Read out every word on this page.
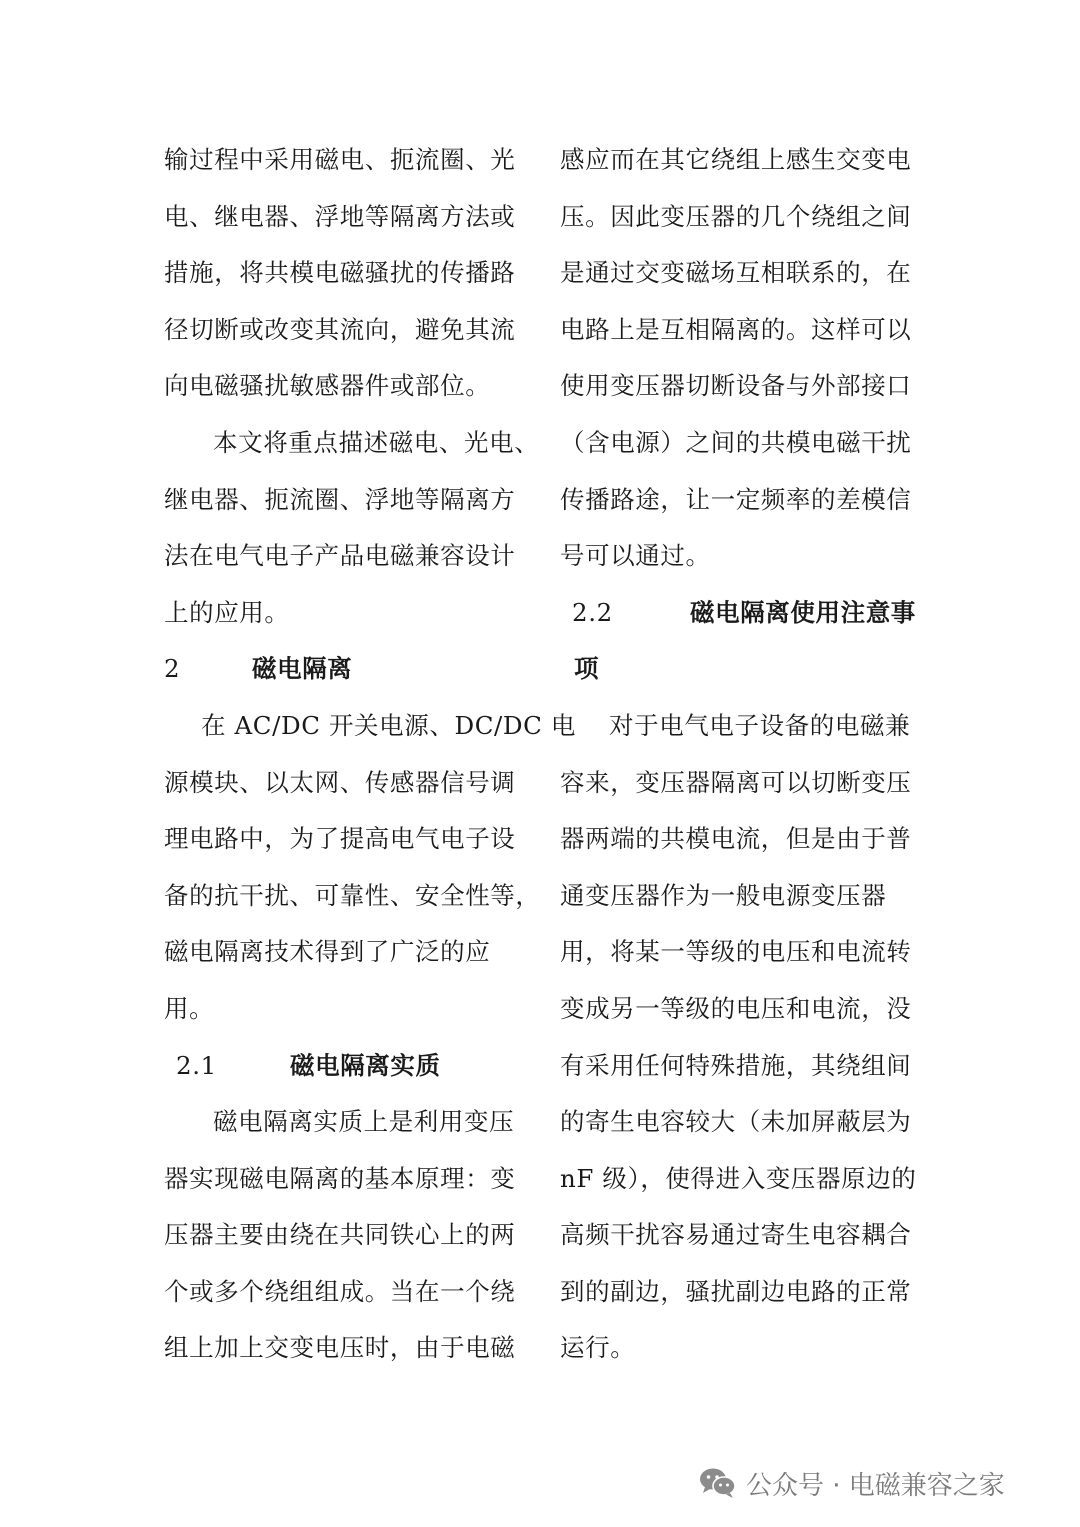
输过程中采用磁电、扼流圈、光
电、继电器、浮地等隔离方法或
措施，将共模电磁骚扰的传播路
径切断或改变其流向，避免其流
向电磁骚扰敏感器件或部位。
本文将重点描述磁电、光电、
继电器、扼流圈、浮地等隔离方
法在电气电子产品电磁兼容设计
上的应用。
2	磁电隔离
在 AC/DC 开关电源、DC/DC 电
源模块、以太网、传感器信号调
理电路中，为了提高电气电子设
备的抗干扰、可靠性、安全性等，
磁电隔离技术得到了广泛的应
用。
2.1	磁电隔离实质
磁电隔离实质上是利用变压
器实现磁电隔离的基本原理：变
压器主要由绕在共同铁心上的两
个或多个绕组组成。当在一个绕
组上加上交变电压时，由于电磁
感应而在其它绕组上感生交变电
压。因此变压器的几个绕组之间
是通过交变磁场互相联系的，在
电路上是互相隔离的。这样可以
使用变压器切断设备与外部接口
（含电源）之间的共模电磁干扰
传播路途，让一定频率的差模信
号可以通过。
2.2	磁电隔离使用注意事
项
对于电气电子设备的电磁兼
容来，变压器隔离可以切断变压
器两端的共模电流，但是由于普
通变压器作为一般电源变压器
用，将某一等级的电压和电流转
变成另一等级的电压和电流，没
有采用任何特殊措施，其绕组间
的寄生电容较大（未加屏蔽层为
nF 级），使得进入变压器原边的
高频干扰容易通过寄生电容耦合
到的副边，骚扰副边电路的正常
运行。
公众号 · 电磁兼容之家
